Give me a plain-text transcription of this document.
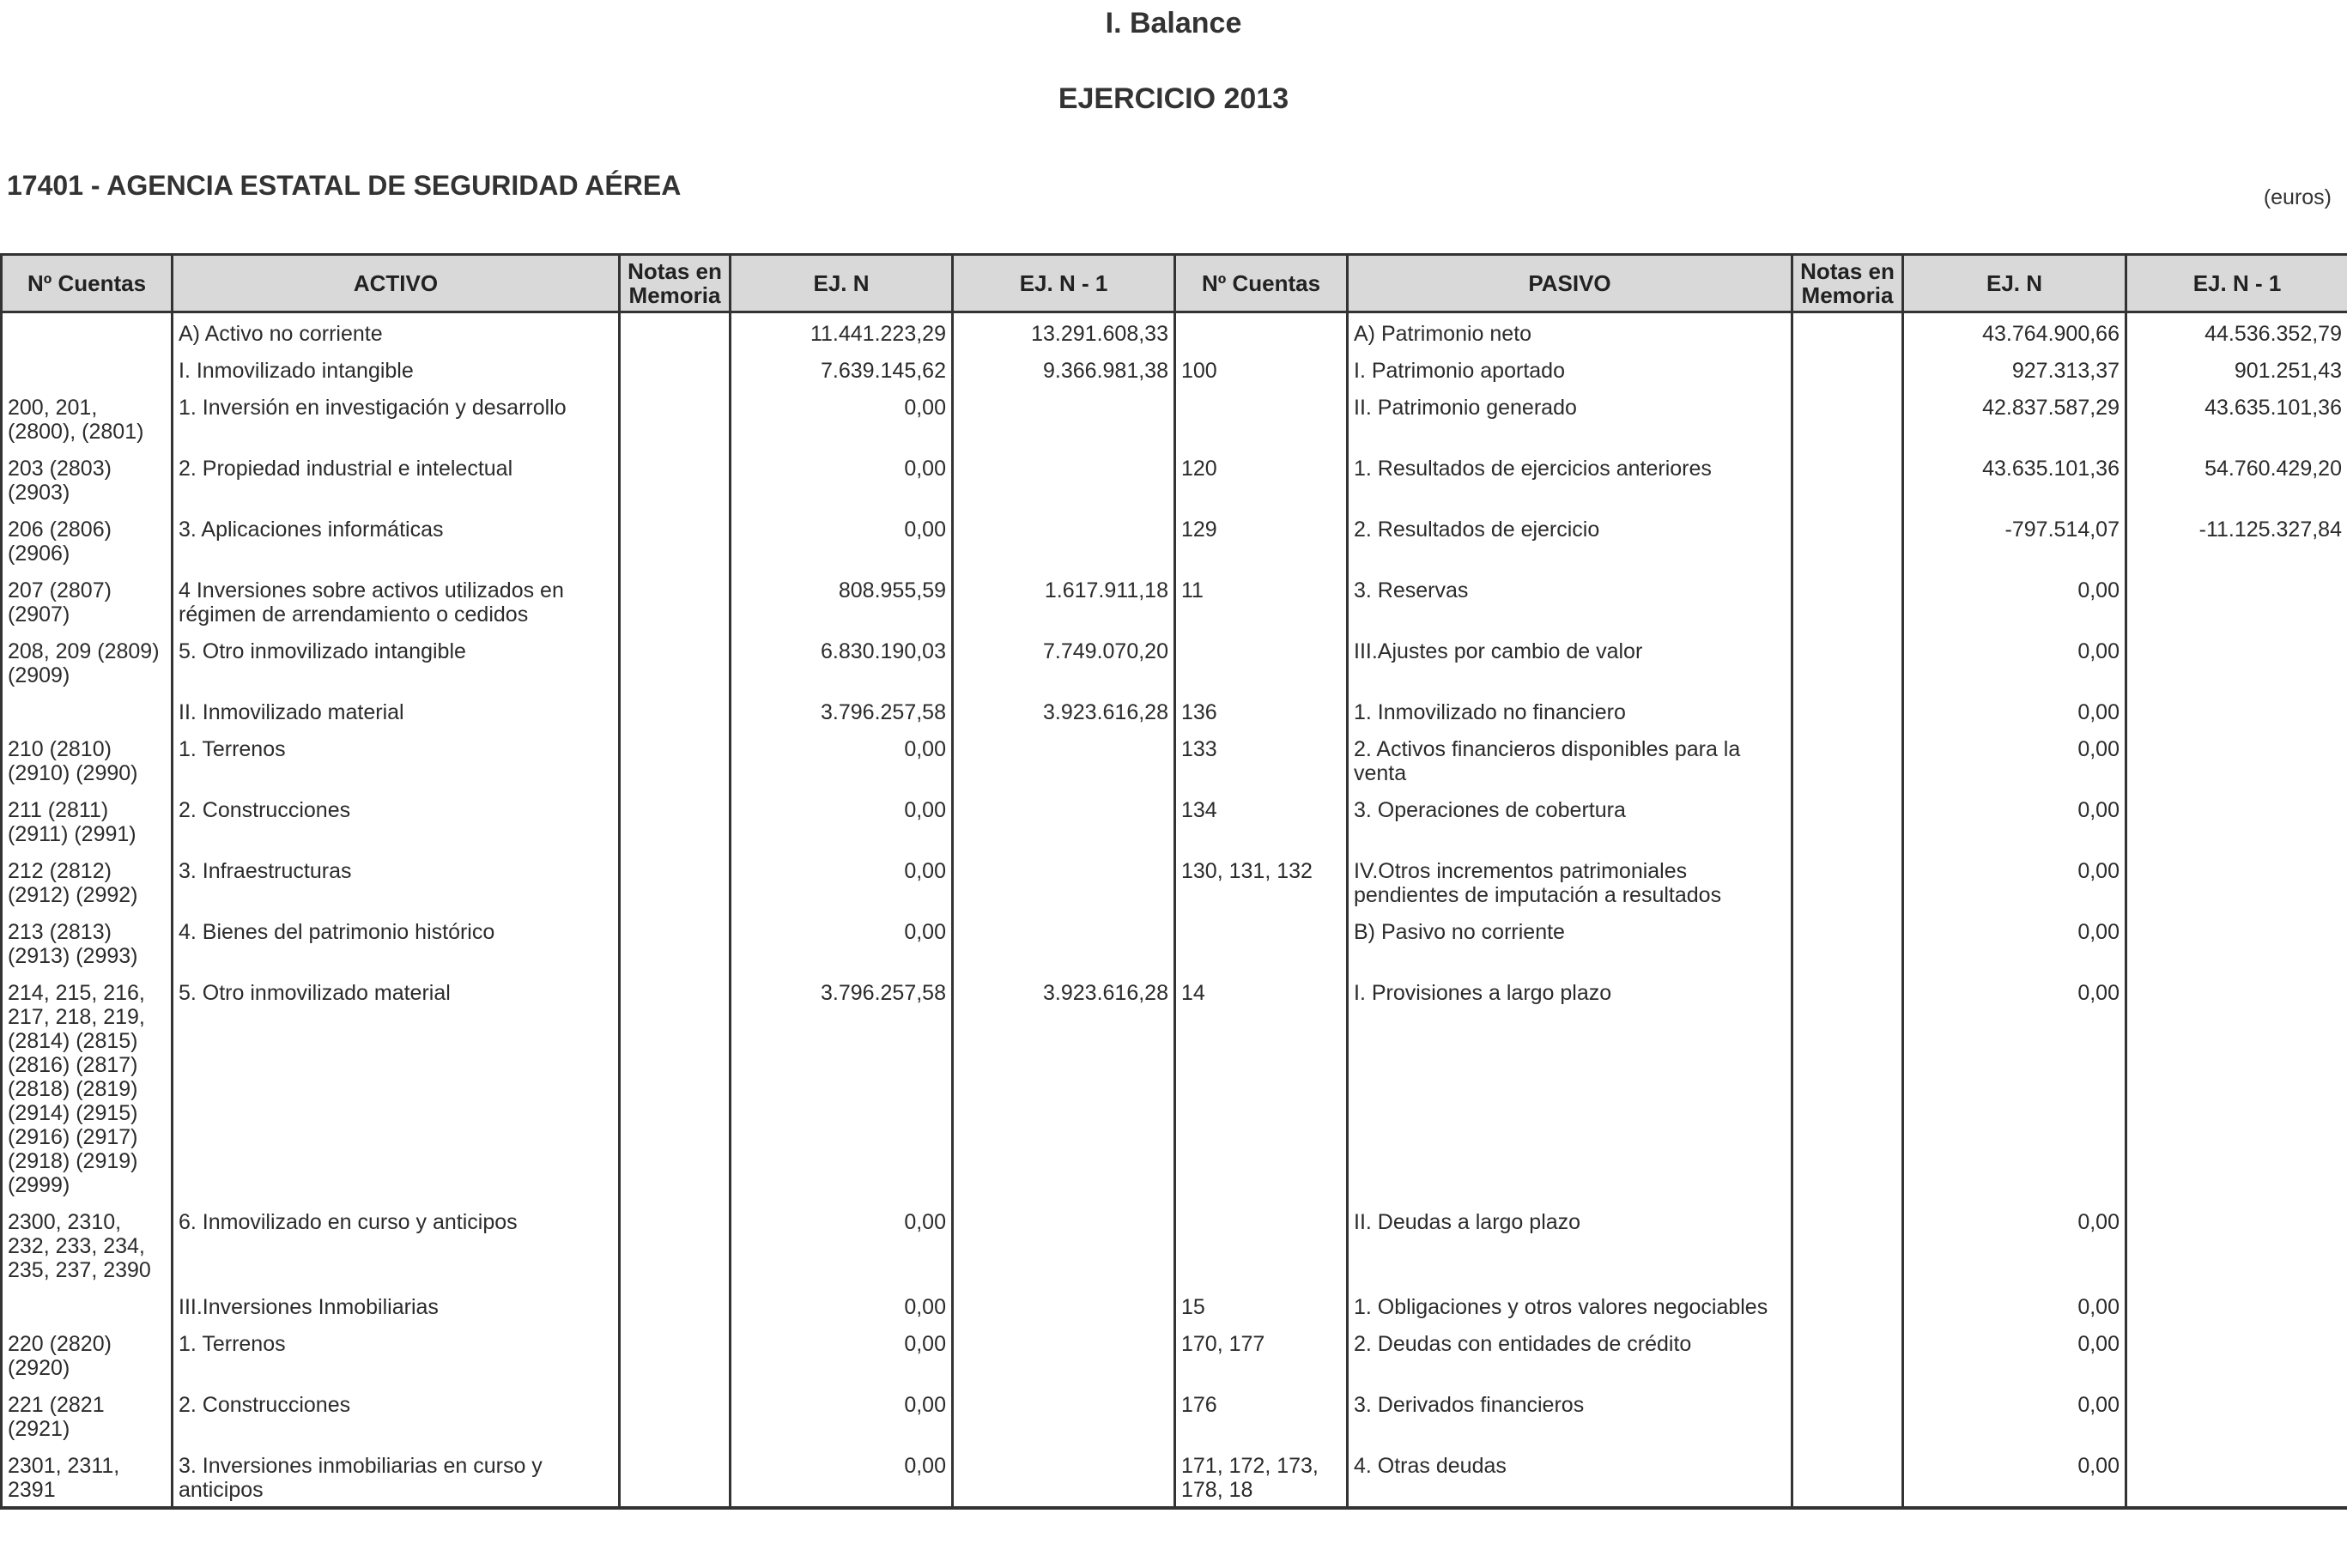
I. Balance
EJERCICIO 2013
17401 - AGENCIA ESTATAL DE SEGURIDAD AÉREA	(euros)
Nº Cuentas	ACTIVO	Notas en Memoria	EJ. N	EJ. N - 1	Nº Cuentas	PASIVO	Notas en Memoria	EJ. N	EJ. N - 1
	A) Activo no corriente		11.441.223,29	13.291.608,33		A) Patrimonio neto		43.764.900,66	44.536.352,79
	I. Inmovilizado intangible		7.639.145,62	9.366.981,38	100	I. Patrimonio aportado		927.313,37	901.251,43
200, 201, (2800), (2801)	1. Inversión en investigación y desarrollo		0,00			II. Patrimonio generado		42.837.587,29	43.635.101,36
203 (2803) (2903)	2. Propiedad industrial e intelectual		0,00		120	1. Resultados de ejercicios anteriores		43.635.101,36	54.760.429,20
206 (2806) (2906)	3. Aplicaciones informáticas		0,00		129	2. Resultados de ejercicio		-797.514,07	-11.125.327,84
207 (2807) (2907)	4 Inversiones sobre activos utilizados en régimen de arrendamiento o cedidos		808.955,59	1.617.911,18	11	3. Reservas		0,00	
208, 209 (2809) (2909)	5. Otro inmovilizado intangible		6.830.190,03	7.749.070,20		III.Ajustes por cambio de valor		0,00	
	II. Inmovilizado material		3.796.257,58	3.923.616,28	136	1. Inmovilizado no financiero		0,00	
210 (2810) (2910) (2990)	1. Terrenos		0,00		133	2. Activos financieros disponibles para la venta		0,00	
211 (2811) (2911) (2991)	2. Construcciones		0,00		134	3. Operaciones de cobertura		0,00	
212 (2812) (2912) (2992)	3. Infraestructuras		0,00		130, 131, 132	IV.Otros incrementos patrimoniales pendientes de imputación a resultados		0,00	
213 (2813) (2913) (2993)	4. Bienes del patrimonio histórico		0,00			B) Pasivo no corriente		0,00	
214, 215, 216, 217, 218, 219, (2814) (2815) (2816) (2817) (2818) (2819) (2914) (2915) (2916) (2917) (2918) (2919) (2999)	5. Otro inmovilizado material		3.796.257,58	3.923.616,28	14	I. Provisiones a largo plazo		0,00	
2300, 2310, 232, 233, 234, 235, 237, 2390	6. Inmovilizado en curso y anticipos		0,00			II. Deudas a largo plazo		0,00	
	III.Inversiones Inmobiliarias		0,00		15	1. Obligaciones y otros valores negociables		0,00	
220 (2820) (2920)	1. Terrenos		0,00		170, 177	2. Deudas con entidades de crédito		0,00	
221 (2821 (2921)	2. Construcciones		0,00		176	3. Derivados financieros		0,00	
2301, 2311, 2391	3. Inversiones inmobiliarias en curso y anticipos		0,00		171, 172, 173, 178, 18	4. Otras deudas		0,00	
